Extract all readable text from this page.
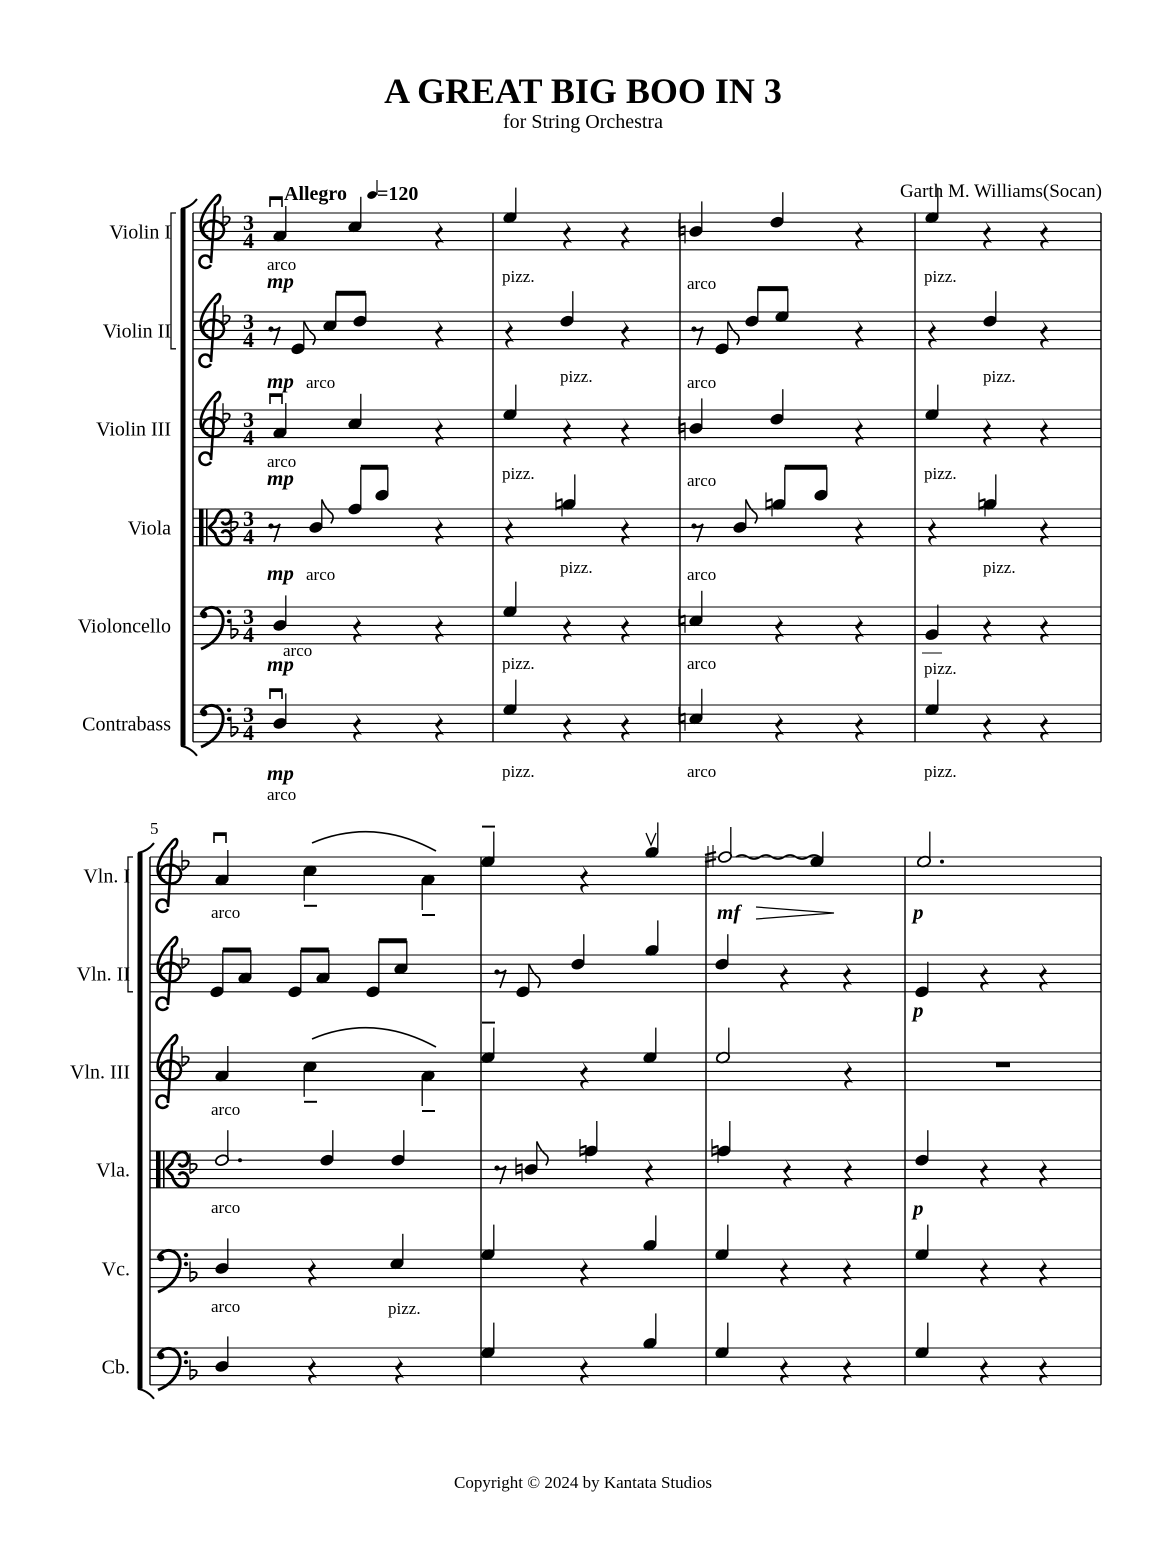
A GREAT BIG BOO IN 3
for String Orchestra
Garth M. Williams(Socan)
Violin I
Violin II
Violin III
Viola
Violoncello
Contrabass
3
4
3
4
3
4
3
4
3
4
3
4
Allegro =120
arco
mp	pizz.	arco	pizz.
arco
mp	pizz.	arco	pizz.
mp arco	pizz.	arco	pizz.
mp arco	pizz.	arco	pizz.
arco
mp	pizz.	arco	pizz.
mp
arco
pizz.	arco	pizz.
5
Vln. I
Vln. II
Vln. III
Vla.
Vc.
Cb.
arco	mf	p
p
arco
arco	p
arco	pizz.
Copyright © 2024 by Kantata Studios
